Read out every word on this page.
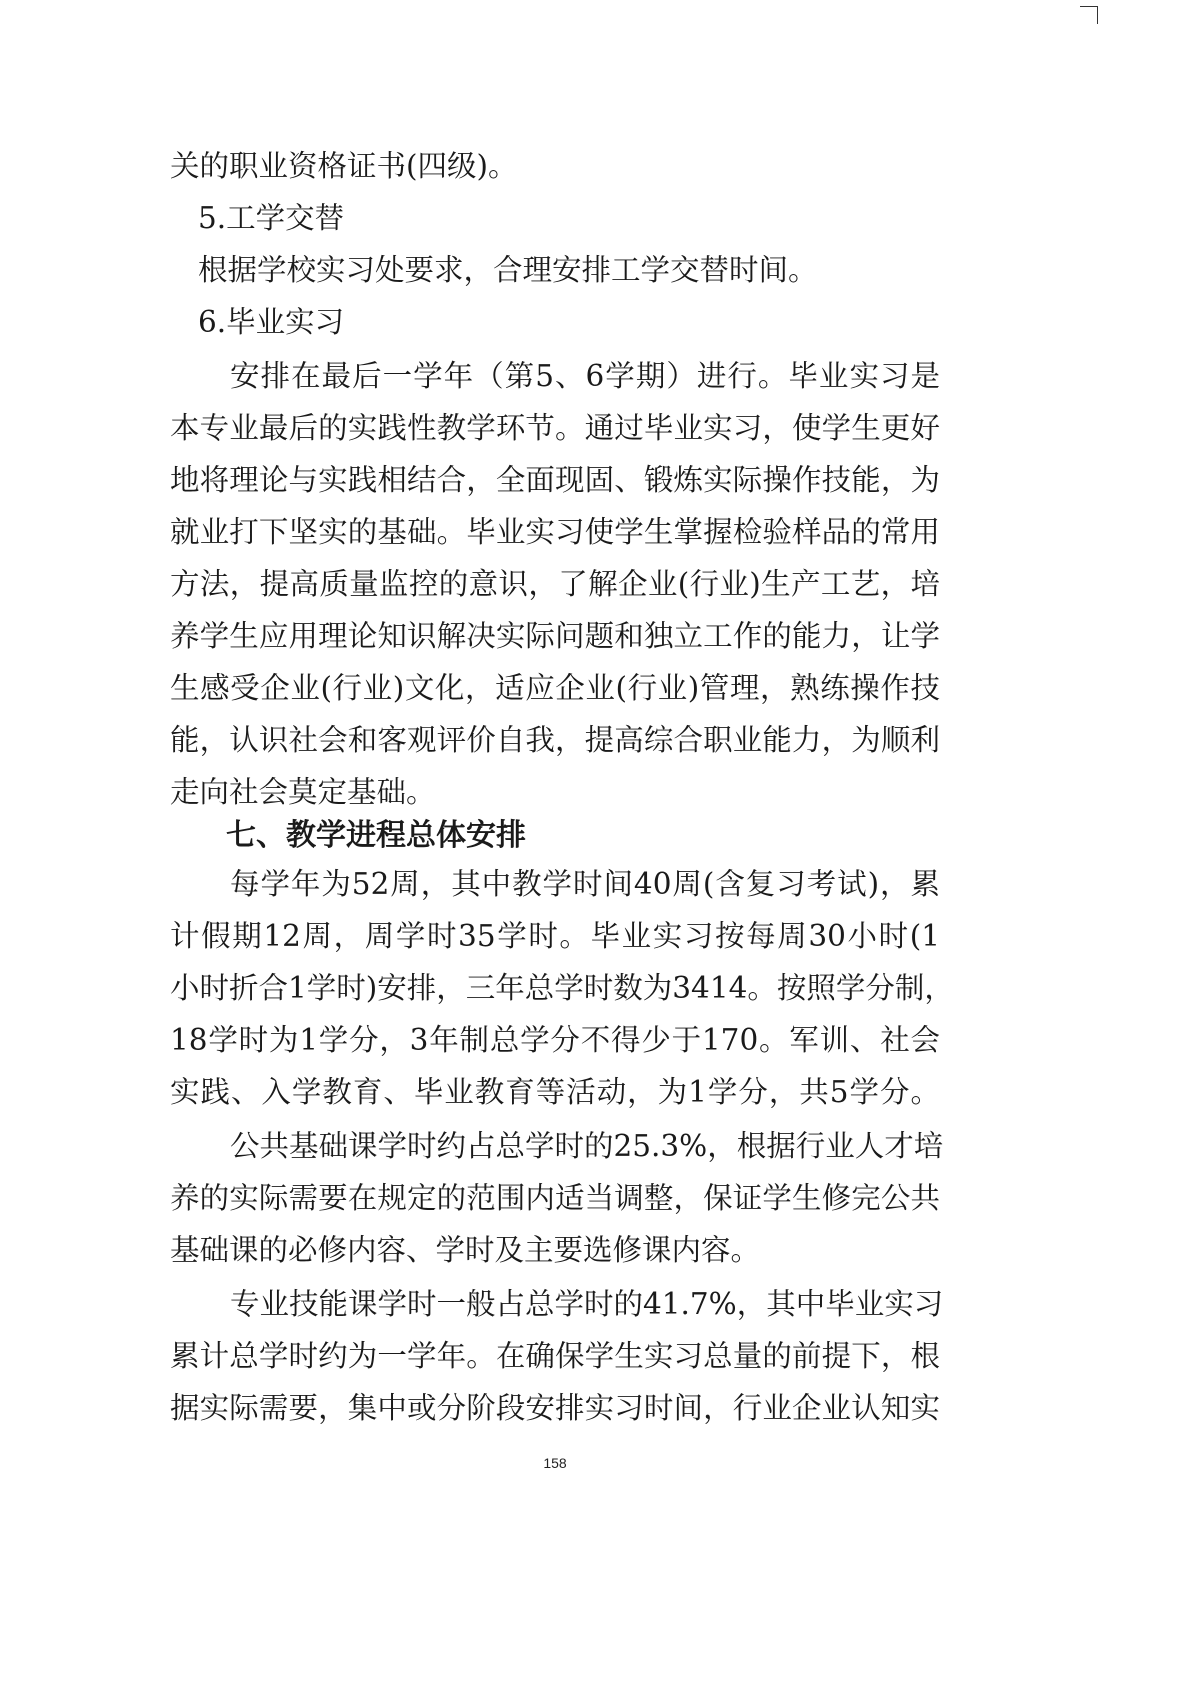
关的职业资格证书(四级)。
5.工学交替
根据学校实习处要求，合理安排工学交替时间。
6.毕业实习
安排在最后一学年（第5、6学期）进行。毕业实习是
本专业最后的实践性教学环节。通过毕业实习，使学生更好
地将理论与实践相结合，全面现固、锻炼实际操作技能，为
就业打下坚实的基础。毕业实习使学生掌握检验样品的常用
方法，提高质量监控的意识，了解企业(行业)生产工艺，培
养学生应用理论知识解决实际问题和独立工作的能力，让学
生感受企业(行业)文化，适应企业(行业)管理，熟练操作技
能，认识社会和客观评价自我，提高综合职业能力，为顺利
走向社会莫定基础。
七、教学进程总体安排
每学年为52周，其中教学时间40周(含复习考试)，累
计假期12周，周学时35学时。毕业实习按每周30小时(1
小时折合1学时)安排，三年总学时数为3414。按照学分制，
18学时为1学分，3年制总学分不得少于170。军训、社会
实践、入学教育、毕业教育等活动，为1学分，共5学分。
公共基础课学时约占总学时的25.3%，根据行业人才培
养的实际需要在规定的范围内适当调整，保证学生修完公共
基础课的必修内容、学时及主要选修课内容。
专业技能课学时一般占总学时的41.7%，其中毕业实习
累计总学时约为一学年。在确保学生实习总量的前提下，根
据实际需要，集中或分阶段安排实习时间，行业企业认知实
158
